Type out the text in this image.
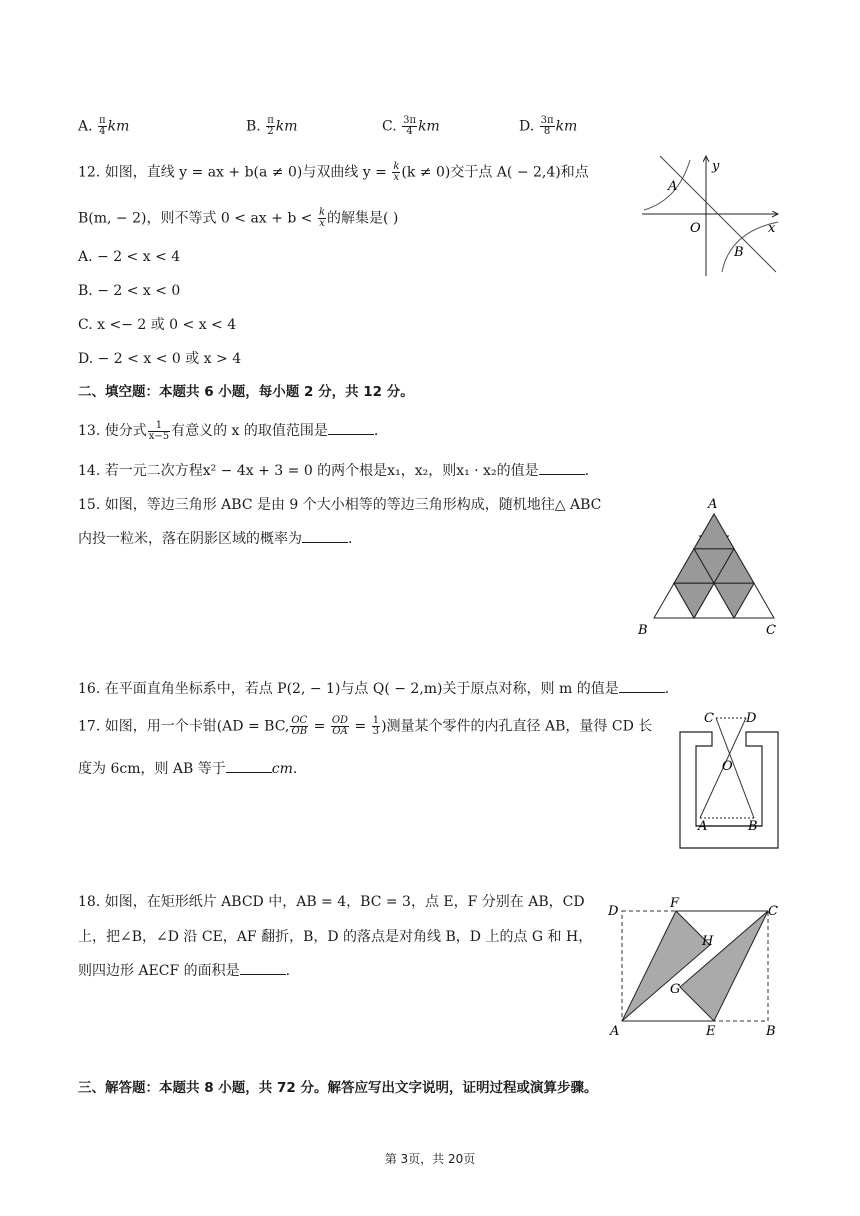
A. $\frac{\pi}{4}$ km	B. $\frac{\pi}{2}$ km	C. $\frac{3\pi}{4}$ km	D. $\frac{3\pi}{8}$ km
12. 如图，直线 y = ax + b(a ≠ 0)与双曲线 $y = \frac{k}{x} (k \ne 0)$交于点 A( − 2,4)和点
B(m, − 2)，则不等式 0 < ax + $b < \frac{k}{x}$ 的解集是( )
A. − 2 < x < 4
B. − 2 < x < 0
C. x <− 2 或 0 < x < 4
D. − 2 < x < 0 或 x > 4
A
y
x
O
B
二、填空题：本题共 6 小题，每小题 2 分，共 12 分。
13. 使分式 $\frac{1}{x-5}$ 有意义的 x 的取值范围是	.
14. 若一元二次方程x² − 4x + 3 = 0 的两个根是x₁，x₂，则x₁ · x₂的值是	.
15. 如图，等边三角形 ABC 是由 9 个大小相等的等边三角形构成，随机地往△ ABC
内投一粒米，落在阴影区域的概率为	.
A
B	C
16. 在平面直角坐标系中，若点 P(2, − 1)与点 Q( − 2,m)关于原点对称，则 m 的值是	.
17. 如图，用一个卡钳(AD = BC, $\frac{OC}{OB} = \frac{OD}{OA} = \frac{1}{3}$ )测量某个零件的内孔直径 AB，量得 CD 长
度为 6cm，则 AB 等于	cm.
C D
O
A	B
18. 如图，在矩形纸片 ABCD 中，AB = 4，BC = 3，点 E，F 分别在 AB，CD
上，把∠B，∠D 沿 CE，AF 翻折，B，D 的落点是对角线 B，D 上的点 G 和 H，
则四边形 AECF 的面积是	.
D
F
C
H
G
A	E	B
三、解答题：本题共 8 小题，共 72 分。解答应写出文字说明，证明过程或演算步骤。
第 3页，共 20页
